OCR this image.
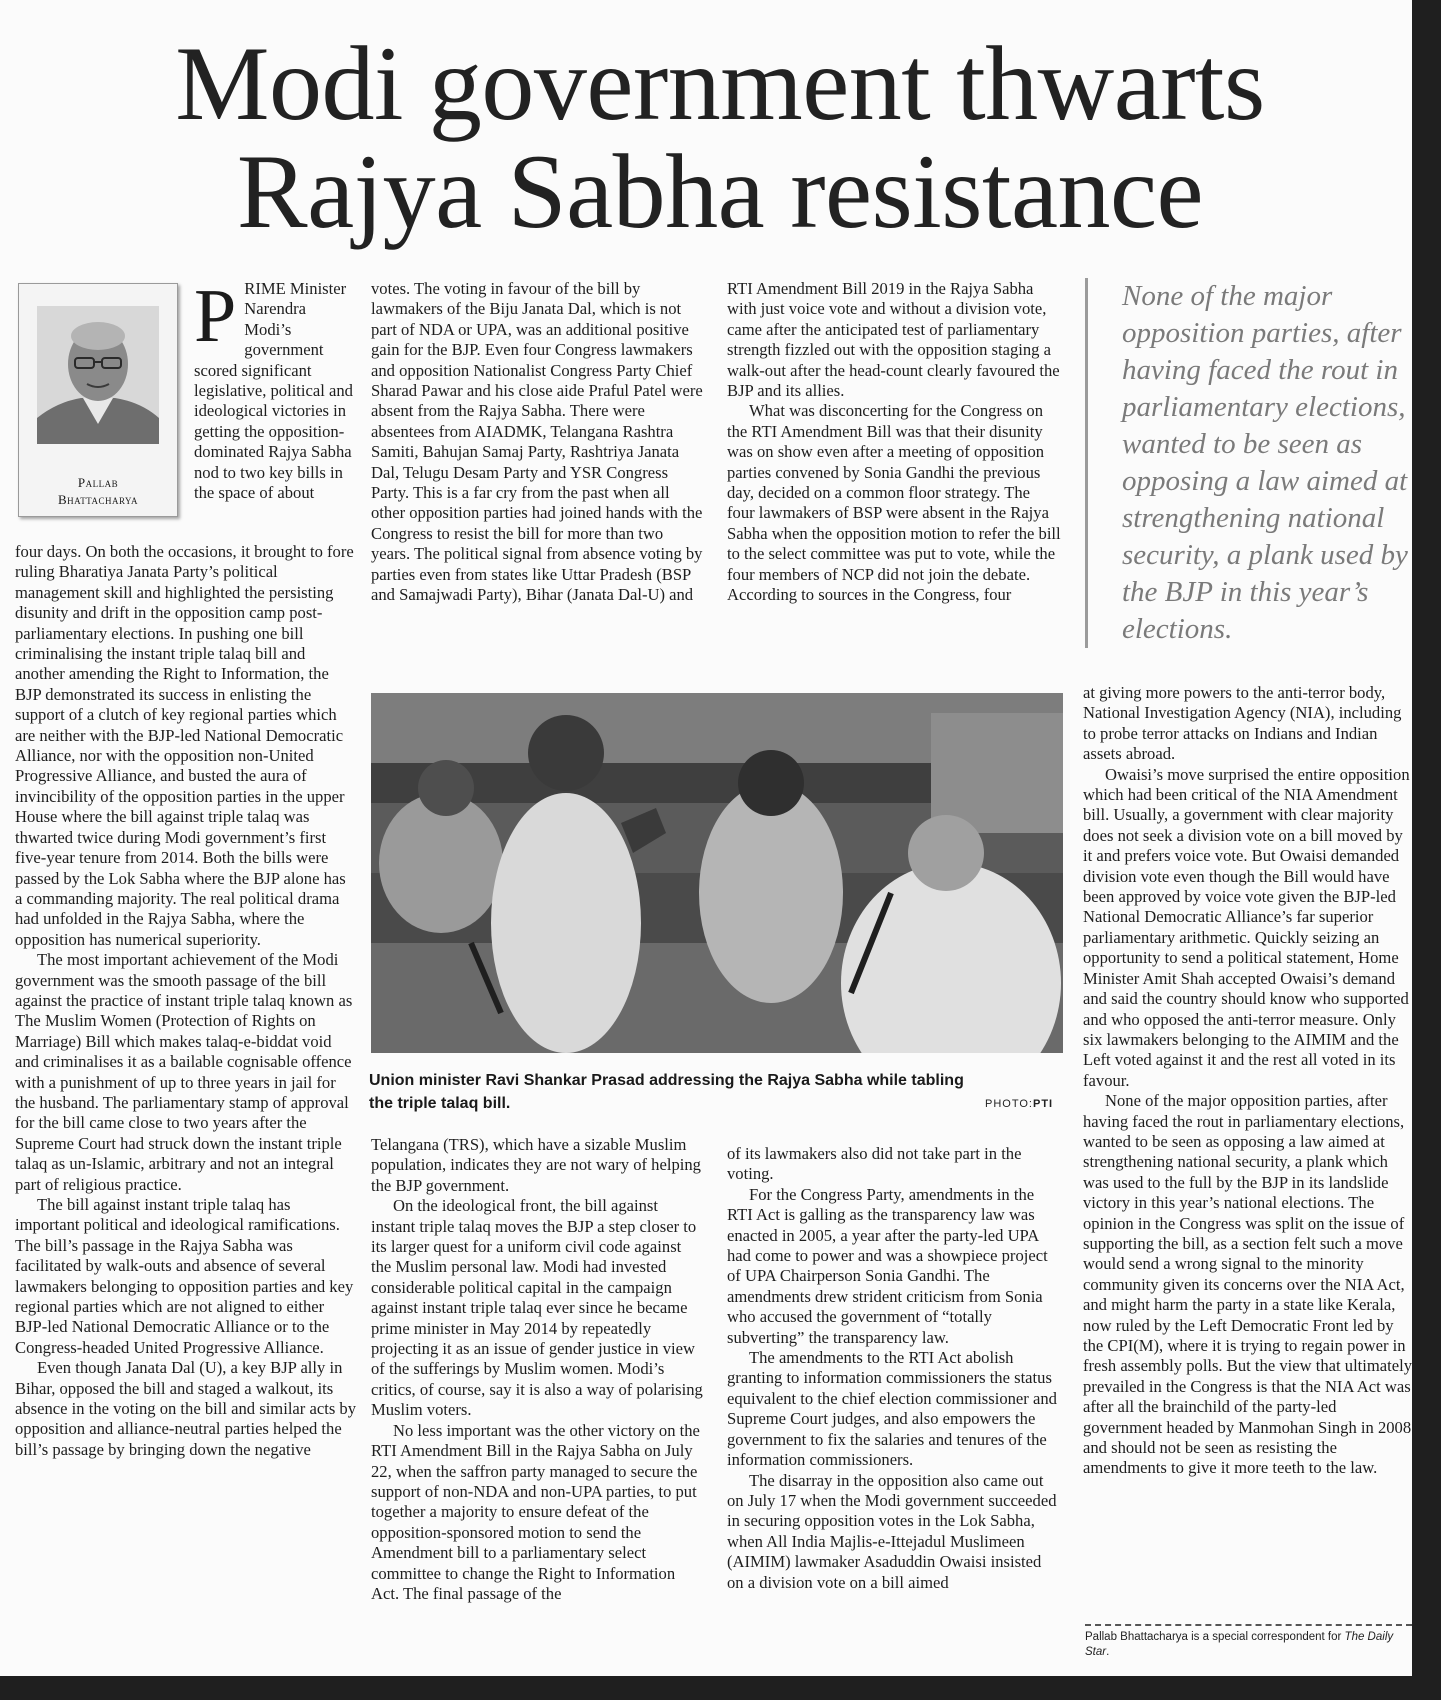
Modi government thwarts
Rajya Sabha resistance
Pallab
Bhattacharya
P RIME Minister Narendra Modi’s government scored significant legislative, political and ideological victories in getting the opposition-dominated Rajya Sabha nod to two key bills in the space of about

four days. On both the occasions, it brought to fore ruling Bharatiya Janata Party’s political management skill and highlighted the persisting disunity and drift in the opposition camp post-parliamentary elections. In pushing one bill criminalising the instant triple talaq bill and another amending the Right to Information, the BJP demonstrated its success in enlisting the support of a clutch of key regional parties which are neither with the BJP-led National Democratic Alliance, nor with the opposition non-United Progressive Alliance, and busted the aura of invincibility of the opposition parties in the upper House where the bill against triple talaq was thwarted twice during Modi government’s first five-year tenure from 2014. Both the bills were passed by the Lok Sabha where the BJP alone has a commanding majority. The real political drama had unfolded in the Rajya Sabha, where the opposition has numerical superiority.

The most important achievement of the Modi government was the smooth passage of the bill against the practice of instant triple talaq known as The Muslim Women (Protection of Rights on Marriage) Bill which makes talaq-e-biddat void and criminalises it as a bailable cognisable offence with a punishment of up to three years in jail for the husband. The parliamentary stamp of approval for the bill came close to two years after the Supreme Court had struck down the instant triple talaq as un-Islamic, arbitrary and not an integral part of religious practice.

The bill against instant triple talaq has important political and ideological ramifications. The bill’s passage in the Rajya Sabha was facilitated by walk-outs and absence of several lawmakers belonging to opposition parties and key regional parties which are not aligned to either BJP-led National Democratic Alliance or to the Congress-headed United Progressive Alliance.

Even though Janata Dal (U), a key BJP ally in Bihar, opposed the bill and staged a walkout, its absence in the voting on the bill and similar acts by opposition and alliance-neutral parties helped the bill’s passage by bringing down the negative

votes. The voting in favour of the bill by lawmakers of the Biju Janata Dal, which is not part of NDA or UPA, was an additional positive gain for the BJP. Even four Congress lawmakers and opposition Nationalist Congress Party Chief Sharad Pawar and his close aide Praful Patel were absent from the Rajya Sabha. There were absentees from AIADMK, Telangana Rashtra Samiti, Bahujan Samaj Party, Rashtriya Janata Dal, Telugu Desam Party and YSR Congress Party. This is a far cry from the past when all other opposition parties had joined hands with the Congress to resist the bill for more than two years. The political signal from absence voting by parties even from states like Uttar Pradesh (BSP and Samajwadi Party), Bihar (Janata Dal-U) and

RTI Amendment Bill 2019 in the Rajya Sabha with just voice vote and without a division vote, came after the anticipated test of parliamentary strength fizzled out with the opposition staging a walk-out after the head-count clearly favoured the BJP and its allies.

What was disconcerting for the Congress on the RTI Amendment Bill was that their disunity was on show even after a meeting of opposition parties convened by Sonia Gandhi the previous day, decided on a common floor strategy. The four lawmakers of BSP were absent in the Rajya Sabha when the opposition motion to refer the bill to the select committee was put to vote, while the four members of NCP did not join the debate. According to sources in the Congress, four

None of the major opposition parties, after having faced the rout in parliamentary elections, wanted to be seen as opposing a law aimed at strengthening national security, a plank used by the BJP in this year’s elections.
Union minister Ravi Shankar Prasad addressing the Rajya Sabha while tabling the triple talaq bill.	PHOTO:PTI

Telangana (TRS), which have a sizable Muslim population, indicates they are not wary of helping the BJP government.

On the ideological front, the bill against instant triple talaq moves the BJP a step closer to its larger quest for a uniform civil code against the Muslim personal law. Modi had invested considerable political capital in the campaign against instant triple talaq ever since he became prime minister in May 2014 by repeatedly projecting it as an issue of gender justice in view of the sufferings by Muslim women. Modi’s critics, of course, say it is also a way of polarising Muslim voters.

No less important was the other victory on the RTI Amendment Bill in the Rajya Sabha on July 22, when the saffron party managed to secure the support of non-NDA and non-UPA parties, to put together a majority to ensure defeat of the opposition-sponsored motion to send the Amendment bill to a parliamentary select committee to change the Right to Information Act. The final passage of the

of its lawmakers also did not take part in the voting.

For the Congress Party, amendments in the RTI Act is galling as the transparency law was enacted in 2005, a year after the party-led UPA had come to power and was a showpiece project of UPA Chairperson Sonia Gandhi. The amendments drew strident criticism from Sonia who accused the government of “totally subverting” the transparency law.

The amendments to the RTI Act abolish granting to information commissioners the status equivalent to the chief election commissioner and Supreme Court judges, and also empowers the government to fix the salaries and tenures of the information commissioners.

The disarray in the opposition also came out on July 17 when the Modi government succeeded in securing opposition votes in the Lok Sabha, when All India Majlis-e-Ittejadul Muslimeen (AIMIM) lawmaker Asaduddin Owaisi insisted on a division vote on a bill aimed

at giving more powers to the anti-terror body, National Investigation Agency (NIA), including to probe terror attacks on Indians and Indian assets abroad.

Owaisi’s move surprised the entire opposition which had been critical of the NIA Amendment bill. Usually, a government with clear majority does not seek a division vote on a bill moved by it and prefers voice vote. But Owaisi demanded division vote even though the Bill would have been approved by voice vote given the BJP-led National Democratic Alliance’s far superior parliamentary arithmetic. Quickly seizing an opportunity to send a political statement, Home Minister Amit Shah accepted Owaisi’s demand and said the country should know who supported and who opposed the anti-terror measure. Only six lawmakers belonging to the AIMIM and the Left voted against it and the rest all voted in its favour.

None of the major opposition parties, after having faced the rout in parliamentary elections, wanted to be seen as opposing a law aimed at strengthening national security, a plank which was used to the full by the BJP in its landslide victory in this year’s national elections. The opinion in the Congress was split on the issue of supporting the bill, as a section felt such a move would send a wrong signal to the minority community given its concerns over the NIA Act, and might harm the party in a state like Kerala, now ruled by the Left Democratic Front led by the CPI(M), where it is trying to regain power in fresh assembly polls. But the view that ultimately prevailed in the Congress is that the NIA Act was after all the brainchild of the party-led government headed by Manmohan Singh in 2008 and should not be seen as resisting the amendments to give it more teeth to the law.

Pallab Bhattacharya is a special correspondent for The Daily Star.
